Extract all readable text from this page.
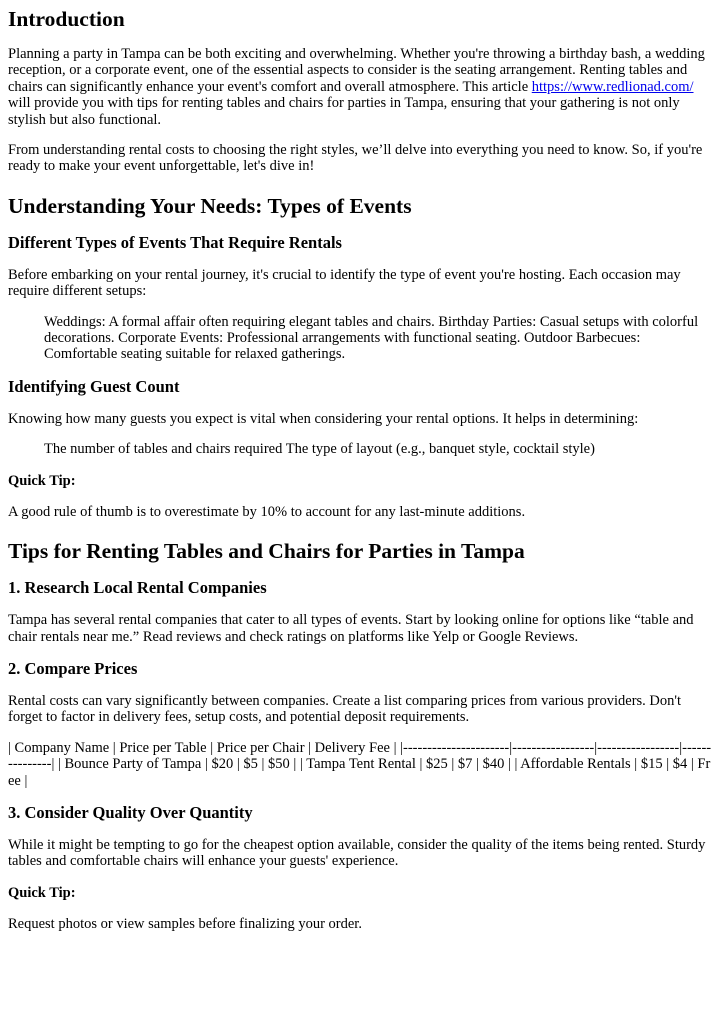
Introduction

Planning a party in Tampa can be both exciting and overwhelming. Whether you're throwing a birthday bash, a wedding reception, or a corporate event, one of the essential aspects to consider is the seating arrangement. Renting tables and chairs can significantly enhance your event's comfort and overall atmosphere. This article https://www.redlionad.com/ will provide you with tips for renting tables and chairs for parties in Tampa, ensuring that your gathering is not only stylish but also functional.

From understanding rental costs to choosing the right styles, we’ll delve into everything you need to know. So, if you're ready to make your event unforgettable, let's dive in!

Understanding Your Needs: Types of Events
Different Types of Events That Require Rentals

Before embarking on your rental journey, it's crucial to identify the type of event you're hosting. Each occasion may require different setups:

Weddings: A formal affair often requiring elegant tables and chairs. Birthday Parties: Casual setups with colorful decorations. Corporate Events: Professional arrangements with functional seating. Outdoor Barbecues: Comfortable seating suitable for relaxed gatherings.
Identifying Guest Count

Knowing how many guests you expect is vital when considering your rental options. It helps in determining:

The number of tables and chairs required The type of layout (e.g., banquet style, cocktail style)
Quick Tip:

A good rule of thumb is to overestimate by 10% to account for any last-minute additions.

Tips for Renting Tables and Chairs for Parties in Tampa
1. Research Local Rental Companies

Tampa has several rental companies that cater to all types of events. Start by looking online for options like “table and chair rentals near me.” Read reviews and check ratings on platforms like Yelp or Google Reviews.

2. Compare Prices

Rental costs can vary significantly between companies. Create a list comparing prices from various providers. Don't forget to factor in delivery fees, setup costs, and potential deposit requirements.

| Company Name | Price per Table | Price per Chair | Delivery Fee | |----------------------|-----------------|-----------------|---------------| | Bounce Party of Tampa | $20 | $5 | $50 | | Tampa Tent Rental | $25 | $7 | $40 | | Affordable Rentals | $15 | $4 | Free |

3. Consider Quality Over Quantity

While it might be tempting to go for the cheapest option available, consider the quality of the items being rented. Sturdy tables and comfortable chairs will enhance your guests' experience.

Quick Tip:

Request photos or view samples before finalizing your order.
